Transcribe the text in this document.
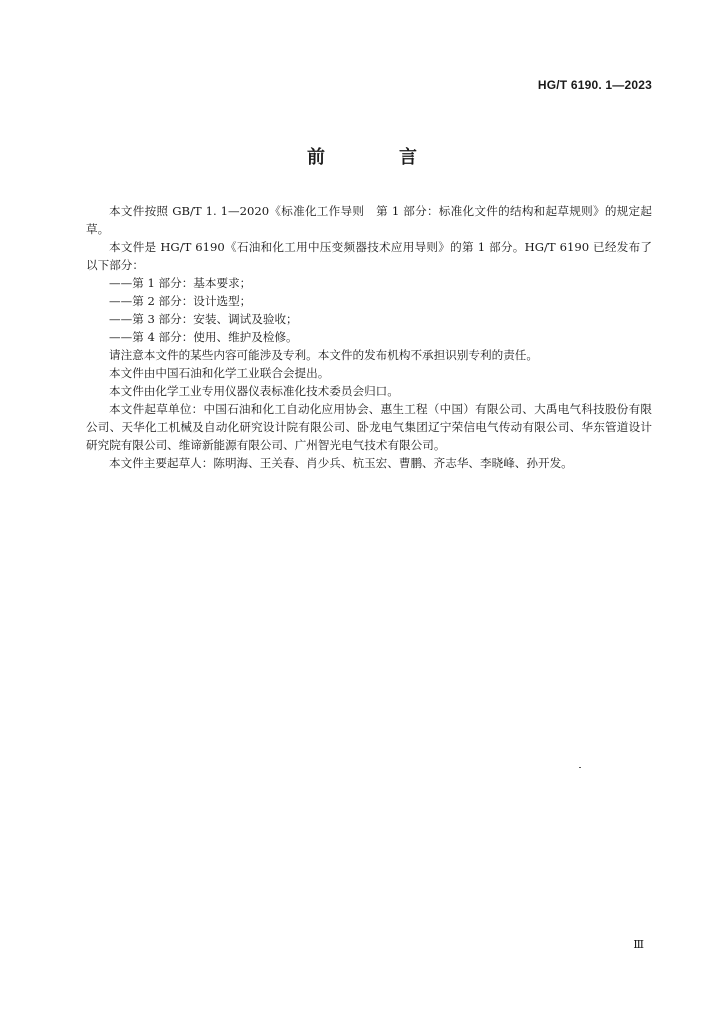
HG/T 6190. 1—2023
前　言

本文件按照 GB/T 1. 1—2020《标准化工作导则　第 1 部分：标准化文件的结构和起草规则》的规定起草。

本文件是 HG/T 6190《石油和化工用中压变频器技术应用导则》的第 1 部分。HG/T 6190 已经发布了以下部分：

——第 1 部分：基本要求；

——第 2 部分：设计选型；

——第 3 部分：安装、调试及验收；

——第 4 部分：使用、维护及检修。

请注意本文件的某些内容可能涉及专利。本文件的发布机构不承担识别专利的责任。

本文件由中国石油和化学工业联合会提出。

本文件由化学工业专用仪器仪表标准化技术委员会归口。

本文件起草单位：中国石油和化工自动化应用协会、惠生工程（中国）有限公司、大禹电气科技股份有限公司、天华化工机械及自动化研究设计院有限公司、卧龙电气集团辽宁荣信电气传动有限公司、华东管道设计研究院有限公司、维谛新能源有限公司、广州智光电气技术有限公司。

本文件主要起草人：陈明海、王关春、肖少兵、杭玉宏、曹鹏、齐志华、李晓峰、孙开发。

Ⅲ
